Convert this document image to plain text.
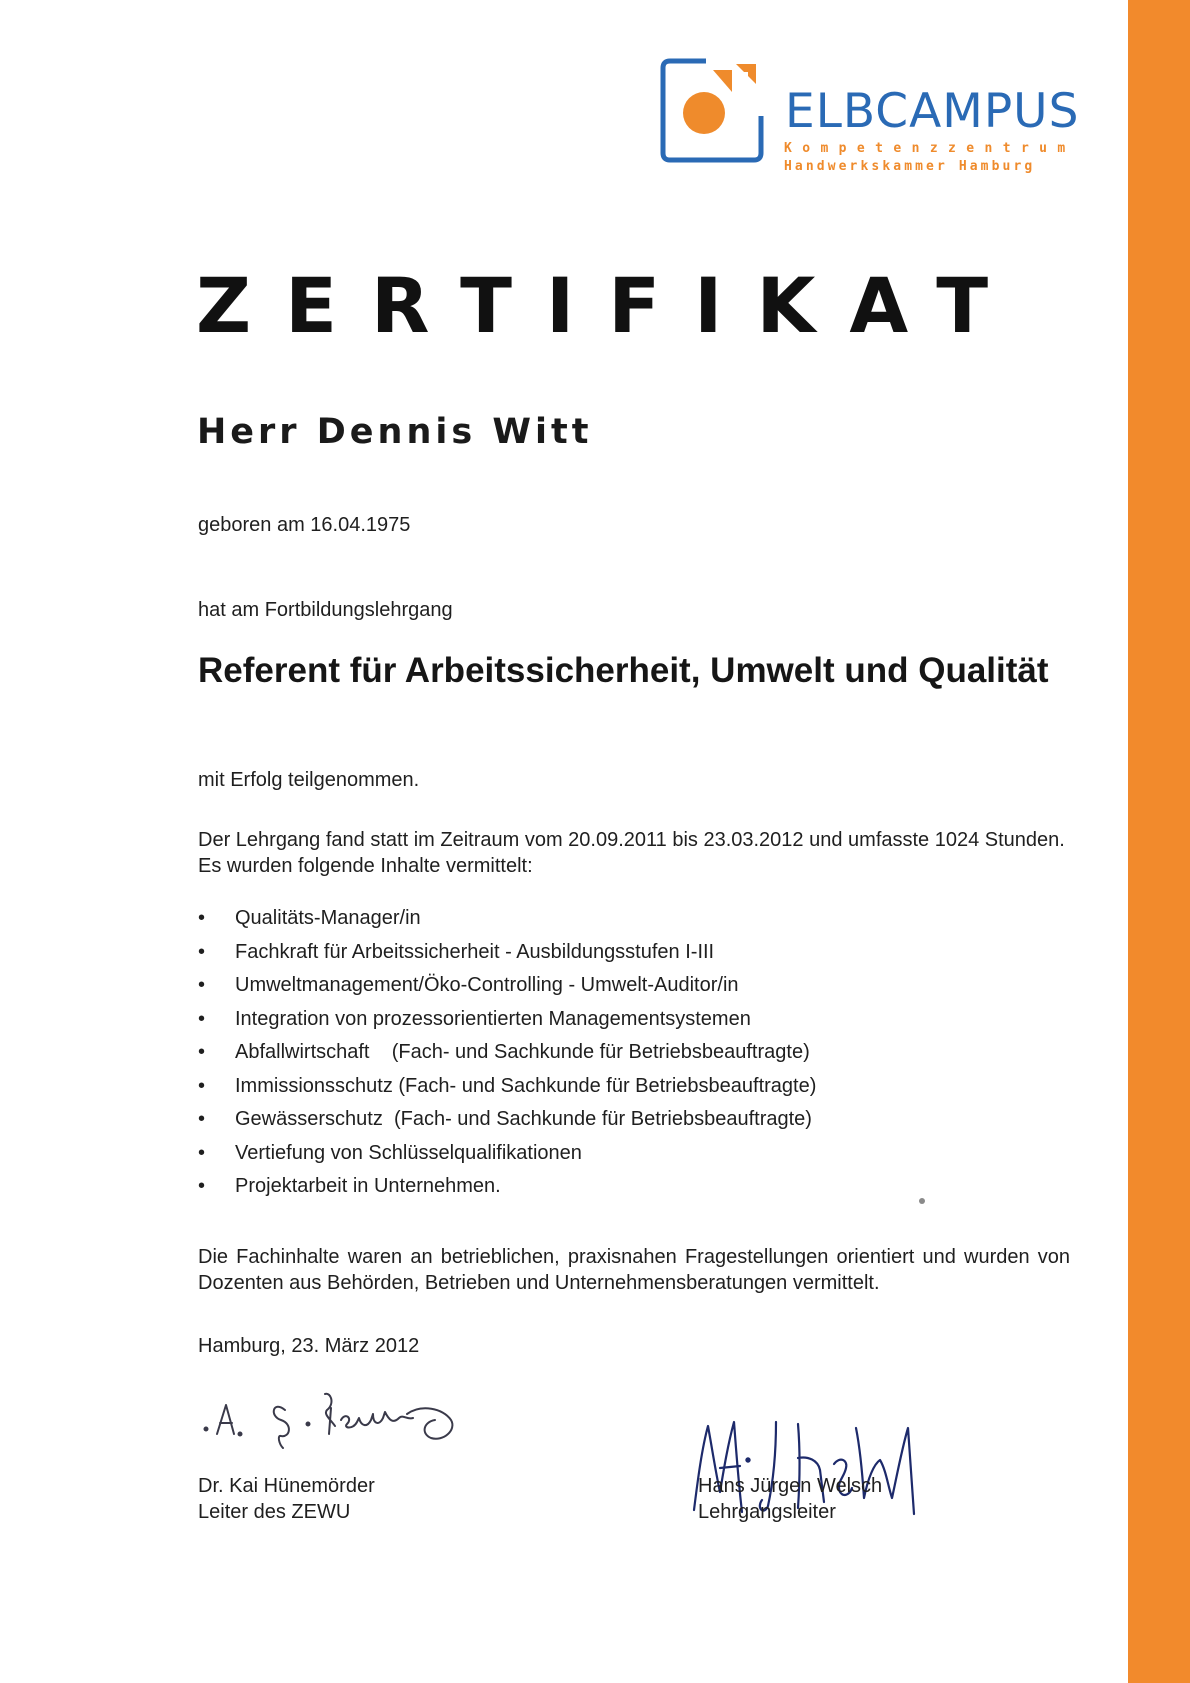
ELBCAMPUS
Kompetenzzentrum
Handwerkskammer Hamburg
ZERTIFIKAT
Herr Dennis Witt
geboren am 16.04.1975
hat am Fortbildungslehrgang
Referent für Arbeitssicherheit, Umwelt und Qualität
mit Erfolg teilgenommen.
Der Lehrgang fand statt im Zeitraum vom 20.09.2011 bis 23.03.2012 und umfasste 1024 Stunden. Es wurden folgende Inhalte vermittelt:
•	Qualitäts-Manager/in
•	Fachkraft für Arbeitssicherheit - Ausbildungsstufen I-III
•	Umweltmanagement/Öko-Controlling - Umwelt-Auditor/in
•	Integration von prozessorientierten Managementsystemen
•	Abfallwirtschaft    (Fach- und Sachkunde für Betriebsbeauftragte)
•	Immissionsschutz (Fach- und Sachkunde für Betriebsbeauftragte)
•	Gewässerschutz  (Fach- und Sachkunde für Betriebsbeauftragte)
•	Vertiefung von Schlüsselqualifikationen
•	Projektarbeit in Unternehmen.
Die Fachinhalte waren an betrieblichen, praxisnahen Fragestellungen orientiert und wurden von Dozenten aus Behörden, Betrieben und Unternehmensberatungen vermittelt.
Hamburg, 23. März 2012
Dr. Kai Hünemörder
Leiter des ZEWU
Hans Jürgen Welsch
Lehrgangsleiter
